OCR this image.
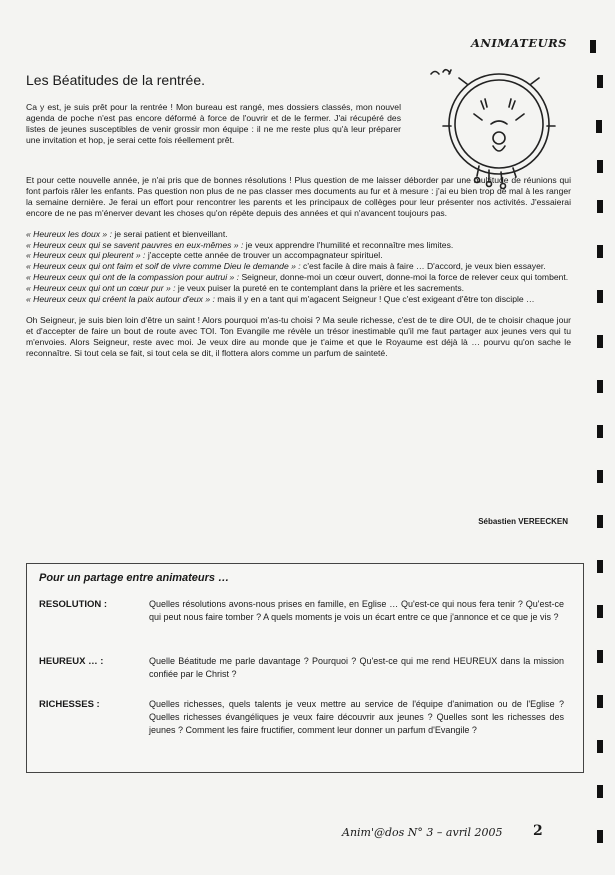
ANIMATEURS
Les Béatitudes de la rentrée.

Ca y est, je suis prêt pour la rentrée ! Mon bureau est rangé, mes dossiers classés, mon nouvel agenda de poche n'est pas encore déformé à force de l'ouvrir et de le fermer. J'ai récupéré des listes de jeunes susceptibles de venir grossir mon équipe : il ne me reste plus qu'à leur préparer une invitation et hop, je serai cette fois réellement prêt.

Et pour cette nouvelle année, je n'ai pris que de bonnes résolutions ! Plus question de me laisser déborder par une multitude de réunions qui font parfois râler les enfants. Pas question non plus de ne pas classer mes documents au fur et à mesure : j'ai eu bien trop de mal à les ranger la semaine dernière. Je ferai un effort pour rencontrer les parents et les principaux de collèges pour leur présenter nos activités. J'essaierai encore de ne pas m'énerver devant les choses qu'on répète depuis des années et qui n'avancent toujours pas.

« Heureux les doux » : je serai patient et bienveillant.
« Heureux ceux qui se savent pauvres en eux-mêmes » : je veux apprendre l'humilité et reconnaître mes limites.
« Heureux ceux qui pleurent » : j'accepte cette année de trouver un accompagnateur spirituel.
« Heureux ceux qui ont faim et soif de vivre comme Dieu le demande » : c'est facile à dire mais à faire … D'accord, je veux bien essayer.
« Heureux ceux qui ont de la compassion pour autrui » : Seigneur, donne-moi un cœur ouvert, donne-moi la force de relever ceux qui tombent.
« Heureux ceux qui ont un cœur pur » : je veux puiser la pureté en te contemplant dans la prière et les sacrements.
« Heureux ceux qui créent la paix autour d'eux » : mais il y en a tant qui m'agacent Seigneur ! Que c'est exigeant d'être ton disciple …

Oh Seigneur, je suis bien loin d'être un saint ! Alors pourquoi m'as-tu choisi ? Ma seule richesse, c'est de te dire OUI, de te choisir chaque jour et d'accepter de faire un bout de route avec TOI. Ton Evangile me révèle un trésor inestimable qu'il me faut partager aux jeunes vers qui tu m'envoies. Alors Seigneur, reste avec moi. Je veux dire au monde que je t'aime et que le Royaume est déjà là … pourvu qu'on sache le reconnaître. Si tout cela se fait, si tout cela se dit, il flottera alors comme un parfum de sainteté.

Sébastien VEREECKEN
Pour un partage entre animateurs …
RESOLUTION :	Quelles résolutions avons-nous prises en famille, en Eglise … Qu'est-ce qui nous fera tenir ? Qu'est-ce qui peut nous faire tomber ? A quels moments je vois un écart entre ce que j'annonce et ce que je vis ?
HEUREUX … :	Quelle Béatitude me parle davantage ? Pourquoi ? Qu'est-ce qui me rend HEUREUX dans la mission confiée par le Christ ?
RICHESSES :	Quelles richesses, quels talents je veux mettre au service de l'équipe d'animation ou de l'Eglise ? Quelles richesses évangéliques je veux faire découvrir aux jeunes ? Quelles sont les richesses des jeunes ? Comment les faire fructifier, comment leur donner un parfum d'Evangile ?
Anim'@dos N° 3 – avril 2005 2
